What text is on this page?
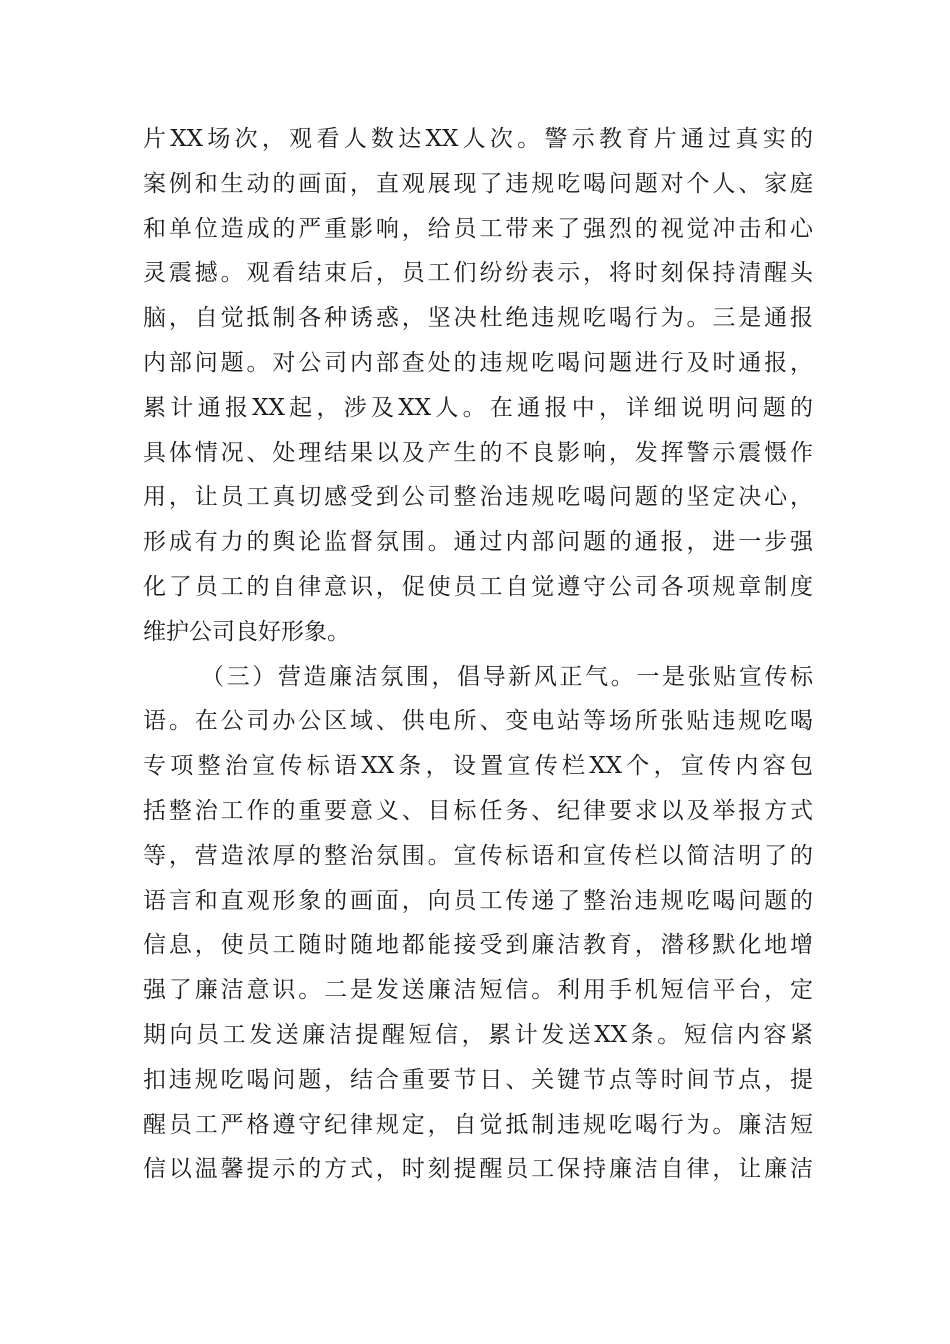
片XX场次，观看人数达XX人次。警示教育片通过真实的
案例和生动的画面，直观展现了违规吃喝问题对个人、家庭
和单位造成的严重影响，给员工带来了强烈的视觉冲击和心
灵震撼。观看结束后，员工们纷纷表示，将时刻保持清醒头
脑，自觉抵制各种诱惑，坚决杜绝违规吃喝行为。三是通报
内部问题。对公司内部查处的违规吃喝问题进行及时通报，
累计通报XX起，涉及XX人。在通报中，详细说明问题的
具体情况、处理结果以及产生的不良影响，发挥警示震慑作
用，让员工真切感受到公司整治违规吃喝问题的坚定决心，
形成有力的舆论监督氛围。通过内部问题的通报，进一步强
化了员工的自律意识，促使员工自觉遵守公司各项规章制度
维护公司良好形象。
（三）营造廉洁氛围，倡导新风正气。一是张贴宣传标
语。在公司办公区域、供电所、变电站等场所张贴违规吃喝
专项整治宣传标语XX条，设置宣传栏XX个，宣传内容包
括整治工作的重要意义、目标任务、纪律要求以及举报方式
等，营造浓厚的整治氛围。宣传标语和宣传栏以简洁明了的
语言和直观形象的画面，向员工传递了整治违规吃喝问题的
信息，使员工随时随地都能接受到廉洁教育，潜移默化地增
强了廉洁意识。二是发送廉洁短信。利用手机短信平台，定
期向员工发送廉洁提醒短信，累计发送XX条。短信内容紧
扣违规吃喝问题，结合重要节日、关键节点等时间节点，提
醒员工严格遵守纪律规定，自觉抵制违规吃喝行为。廉洁短
信以温馨提示的方式，时刻提醒员工保持廉洁自律，让廉洁
